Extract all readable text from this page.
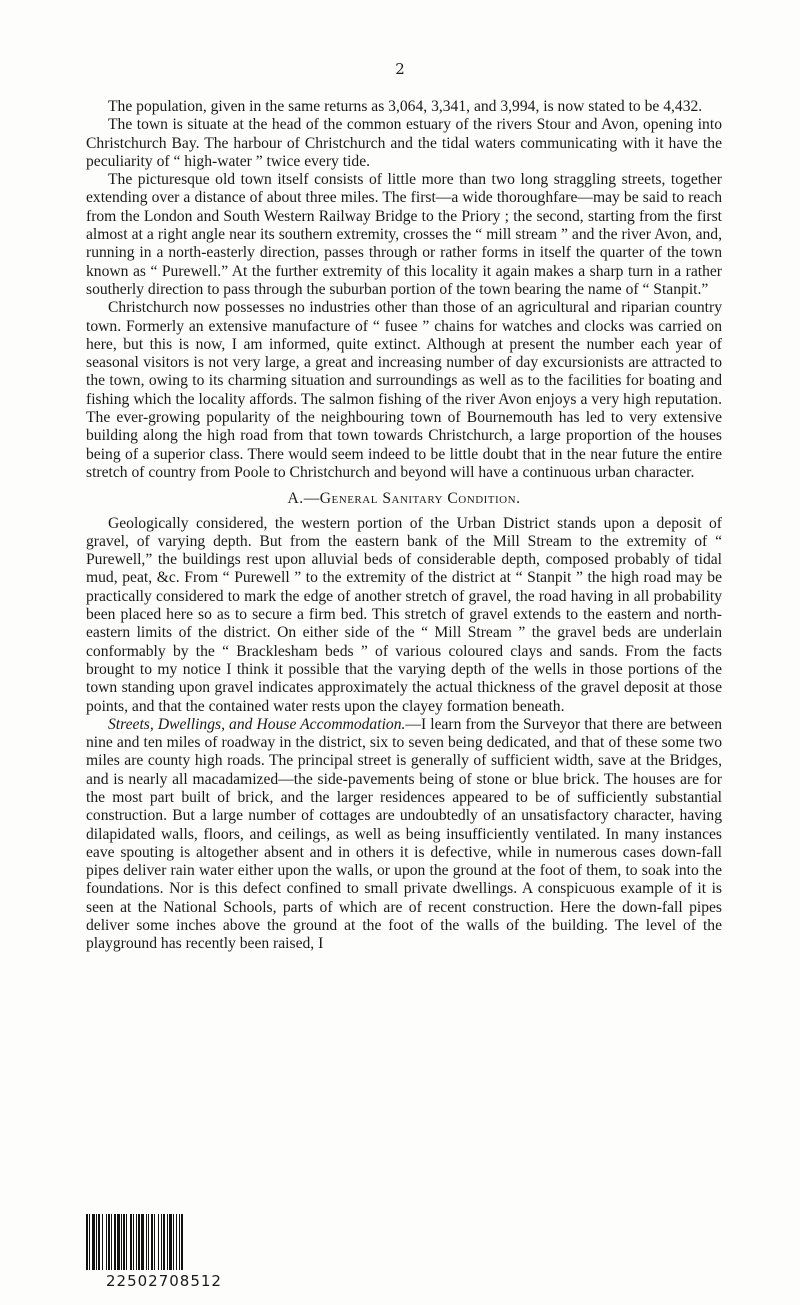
2

The population, given in the same returns as 3,064, 3,341, and 3,994, is now stated to be 4,432.

The town is situate at the head of the common estuary of the rivers Stour and Avon, opening into Christchurch Bay. The harbour of Christchurch and the tidal waters communicating with it have the peculiarity of “ high-water ” twice every tide.

The picturesque old town itself consists of little more than two long straggling streets, together extending over a distance of about three miles. The first—a wide thoroughfare—may be said to reach from the London and South Western Railway Bridge to the Priory ; the second, starting from the first almost at a right angle near its southern extremity, crosses the “ mill stream ” and the river Avon, and, running in a north-easterly direction, passes through or rather forms in itself the quarter of the town known as “ Purewell.” At the further extremity of this locality it again makes a sharp turn in a rather southerly direction to pass through the suburban portion of the town bearing the name of “ Stanpit.”

Christchurch now possesses no industries other than those of an agricultural and riparian country town. Formerly an extensive manufacture of “ fusee ” chains for watches and clocks was carried on here, but this is now, I am informed, quite extinct. Although at present the number each year of seasonal visitors is not very large, a great and increasing number of day excursionists are attracted to the town, owing to its charming situation and surroundings as well as to the facilities for boating and fishing which the locality affords. The salmon fishing of the river Avon enjoys a very high reputation. The ever-growing popularity of the neighbouring town of Bournemouth has led to very extensive building along the high road from that town towards Christchurch, a large proportion of the houses being of a superior class. There would seem indeed to be little doubt that in the near future the entire stretch of country from Poole to Christchurch and beyond will have a continuous urban character.

A.—General Sanitary Condition.

Geologically considered, the western portion of the Urban District stands upon a deposit of gravel, of varying depth. But from the eastern bank of the Mill Stream to the extremity of “ Purewell,” the buildings rest upon alluvial beds of considerable depth, composed probably of tidal mud, peat, &c. From “ Purewell ” to the extremity of the district at “ Stanpit ” the high road may be practically considered to mark the edge of another stretch of gravel, the road having in all probability been placed here so as to secure a firm bed. This stretch of gravel extends to the eastern and north-eastern limits of the district. On either side of the “ Mill Stream ” the gravel beds are underlain conformably by the “ Bracklesham beds ” of various coloured clays and sands. From the facts brought to my notice I think it possible that the varying depth of the wells in those portions of the town standing upon gravel indicates approximately the actual thickness of the gravel deposit at those points, and that the contained water rests upon the clayey formation beneath.

Streets, Dwellings, and House Accommodation.—I learn from the Surveyor that there are between nine and ten miles of roadway in the district, six to seven being dedicated, and that of these some two miles are county high roads. The principal street is generally of sufficient width, save at the Bridges, and is nearly all macadamized—the side-pavements being of stone or blue brick. The houses are for the most part built of brick, and the larger residences appeared to be of sufficiently substantial construction. But a large number of cottages are undoubtedly of an unsatisfactory character, having dilapidated walls, floors, and ceilings, as well as being insufficiently ventilated. In many instances eave spouting is altogether absent and in others it is defective, while in numerous cases down-fall pipes deliver rain water either upon the walls, or upon the ground at the foot of them, to soak into the foundations. Nor is this defect confined to small private dwellings. A conspicuous example of it is seen at the National Schools, parts of which are of recent construction. Here the down-fall pipes deliver some inches above the ground at the foot of the walls of the building. The level of the playground has recently been raised, I

22502708512
